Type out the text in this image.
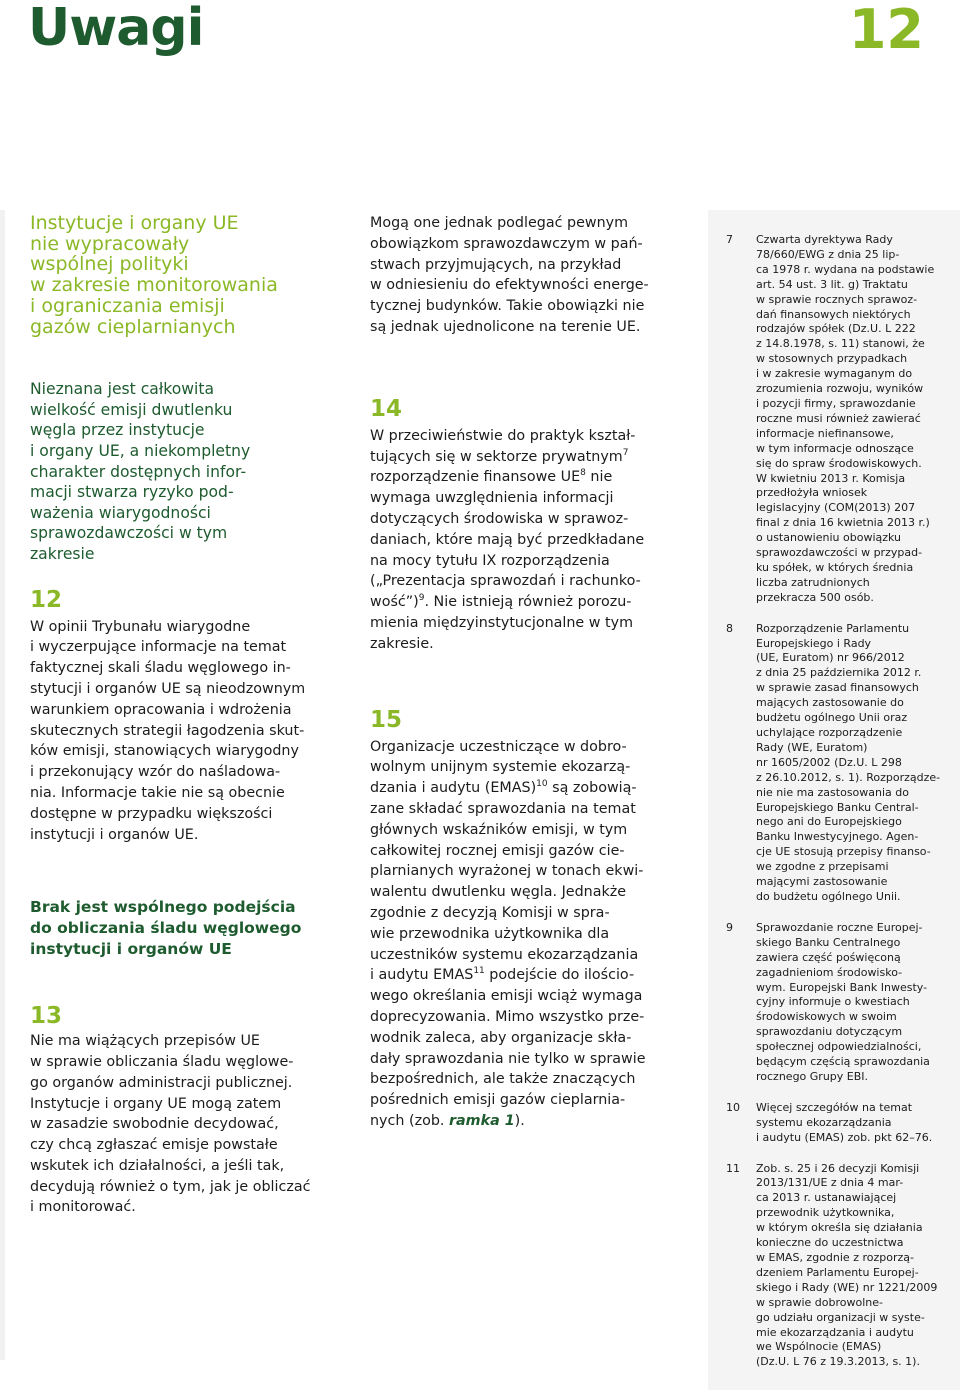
Uwagi	12
Instytucje i organy UE
nie wypracowały
wspólnej polityki
w zakresie monitorowania
i ograniczania emisji
gazów cieplarnianych
Nieznana jest całkowita
wielkość emisji dwutlenku
węgla przez instytucje
i organy UE, a niekompletny
charakter dostępnych infor-
macji stwarza ryzyko pod-
ważenia wiarygodności
sprawozdawczości w tym
zakresie
12
W opinii Trybunału wiarygodne
i wyczerpujące informacje na temat
faktycznej skali śladu węglowego in-
stytucji i organów UE są nieodzownym
warunkiem opracowania i wdrożenia
skutecznych strategii łagodzenia skut-
ków emisji, stanowiących wiarygodny
i przekonujący wzór do naśladowa-
nia. Informacje takie nie są obecnie
dostępne w przypadku większości
instytucji i organów UE.
Brak jest wspólnego podejścia
do obliczania śladu węglowego
instytucji i organów UE
13
Nie ma wiążących przepisów UE
w sprawie obliczania śladu węglowe-
go organów administracji publicznej.
Instytucje i organy UE mogą zatem
w zasadzie swobodnie decydować,
czy chcą zgłaszać emisje powstałe
wskutek ich działalności, a jeśli tak,
decydują również o tym, jak je obliczać
i monitorować.
Mogą one jednak podlegać pewnym
obowiązkom sprawozdawczym w pań-
stwach przyjmujących, na przykład
w odniesieniu do efektywności energe-
tycznej budynków. Takie obowiązki nie
są jednak ujednolicone na terenie UE.
14
W przeciwieństwie do praktyk kształ-
tujących się w sektorze prywatnym$^7$
rozporządzenie finansowe $UE^8$ nie
wymaga uwzględnienia informacji
dotyczących środowiska w sprawoz-
daniach, które mają być przedkładane
na mocy tytułu IX rozporządzenia
(„Prezentacja sprawozdań i rachunko-
wość”)$^9$. Nie istnieją również porozu-
mienia międzyinstytucjonalne w tym
zakresie.
15
Organizacje uczestniczące w dobro-
wolnym unijnym systemie ekozarzą-
dzania i audytu (EMAS)$^{10}$ są zobowią-
zane składać sprawozdania na temat
głównych wskaźników emisji, w tym
całkowitej rocznej emisji gazów cie-
plarnianych wyrażonej w tonach ekwi-
walentu dwutlenku węgla. Jednakże
zgodnie z decyzją Komisji w spra-
wie przewodnika użytkownika dla
uczestników systemu ekozarządzania
i audytu EMAS$^{11}$ podejście do ilościo-
wego określania emisji wciąż wymaga
doprecyzowania. Mimo wszystko prze-
wodnik zaleca, aby organizacje skła-
dały sprawozdania nie tylko w sprawie
bezpośrednich, ale także znaczących
pośrednich emisji gazów cieplarnia-
nych (zob. ramka 1).
7	Czwarta dyrektywa Rady
78/660/EWG z dnia 25 lip-
ca 1978 r. wydana na podstawie
art. 54 ust. 3 lit. g) Traktatu
w sprawie rocznych sprawoz-
dań finansowych niektórych
rodzajów spółek (Dz.U. L 222
z 14.8.1978, s. 11) stanowi, że
w stosownych przypadkach
i w zakresie wymaganym do
zrozumienia rozwoju, wyników
i pozycji firmy, sprawozdanie
roczne musi również zawierać
informacje niefinansowe,
w tym informacje odnoszące
się do spraw środowiskowych.
W kwietniu 2013 r. Komisja
przedłożyła wniosek
legislacyjny (COM(2013) 207
final z dnia 16 kwietnia 2013 r.)
o ustanowieniu obowiązku
sprawozdawczości w przypad-
ku spółek, w których średnia
liczba zatrudnionych
przekracza 500 osób.
8	Rozporządzenie Parlamentu
Europejskiego i Rady
(UE, Euratom) nr 966/2012
z dnia 25 października 2012 r.
w sprawie zasad finansowych
mających zastosowanie do
budżetu ogólnego Unii oraz
uchylające rozporządzenie
Rady (WE, Euratom)
nr 1605/2002 (Dz.U. L 298
z 26.10.2012, s. 1). Rozporządze-
nie nie ma zastosowania do
Europejskiego Banku Central-
nego ani do Europejskiego
Banku Inwestycyjnego. Agen-
cje UE stosują przepisy finanso-
we zgodne z przepisami
mającymi zastosowanie
do budżetu ogólnego Unii.
9	Sprawozdanie roczne Europej-
skiego Banku Centralnego
zawiera część poświęconą
zagadnieniom środowisko-
wym. Europejski Bank Inwesty-
cyjny informuje o kwestiach
środowiskowych w swoim
sprawozdaniu dotyczącym
społecznej odpowiedzialności,
będącym częścią sprawozdania
rocznego Grupy EBI.
10	Więcej szczegółów na temat
systemu ekozarządzania
i audytu (EMAS) zob. pkt 62–76.
11	Zob. s. 25 i 26 decyzji Komisji
2013/131/UE z dnia 4 mar-
ca 2013 r. ustanawiającej
przewodnik użytkownika,
w którym określa się działania
konieczne do uczestnictwa
w EMAS, zgodnie z rozporzą-
dzeniem Parlamentu Europej-
skiego i Rady (WE) nr 1221/2009
w sprawie dobrowolne-
go udziału organizacji w syste-
mie ekozarządzania i audytu
we Wspólnocie (EMAS)
(Dz.U. L 76 z 19.3.2013, s. 1).
